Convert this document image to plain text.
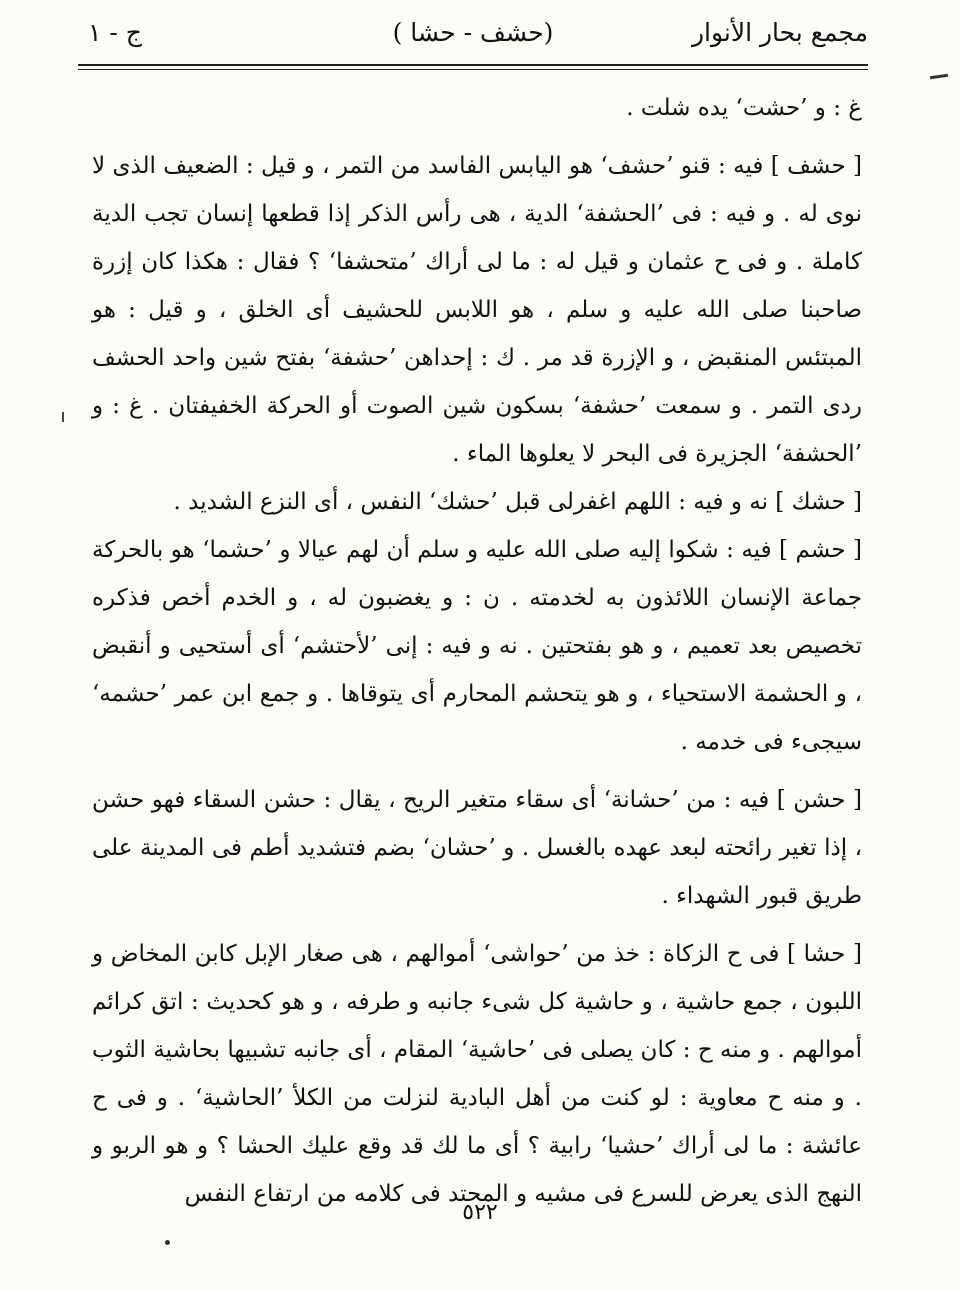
مجمع بحار الأنوار
(حشف - حشا )
ج - ١

غ : و ’حشت‘ يده شلت .

[ حشف ] فيه : قنو ’حشف‘ هو اليابس الفاسد من التمر ، و قيل : الضعيف الذى لا نوى له . و فيه : فى ’الحشفة‘ الدية ، هى رأس الذكر إذا قطعها إنسان تجب الدية كاملة . و فى ح عثمان و قيل له : ما لى أراك ’متحشفا‘ ؟ فقال : هكذا كان إزرة صاحبنا صلى الله عليه و سلم ، هو اللابس للحشيف أى الخلق ، و قيل : هو المبتئس المنقبض ، و الإزرة قد مر . ك : إحداهن ’حشفة‘ بفتح شين واحد الحشف ردى التمر . و سمعت ’حشفة‘ بسكون شين الصوت أو الحركة الخفيفتان . غ : و ’الحشفة‘ الجزيرة فى البحر لا يعلوها الماء .

[ حشك ] نه و فيه : اللهم اغفرلى قبل ’حشك‘ النفس ، أى النزع الشديد .

[ حشم ] فيه : شكوا إليه صلى الله عليه و سلم أن لهم عيالا و ’حشما‘ هو بالحركة جماعة الإنسان اللائذون به لخدمته . ن : و يغضبون له ، و الخدم أخص فذكره تخصيص بعد تعميم ، و هو بفتحتين . نه و فيه : إنى ’لأحتشم‘ أى أستحيى و أنقبض ، و الحشمة الاستحياء ، و هو يتحشم المحارم أى يتوقاها . و جمع ابن عمر ’حشمه‘ سيجىء فى خدمه .

[ حشن ] فيه : من ’حشانة‘ أى سقاء متغير الريح ، يقال : حشن السقاء فهو حشن ، إذا تغير رائحته لبعد عهده بالغسل . و ’حشان‘ بضم فتشديد أطم فى المدينة على طريق قبور الشهداء .

[ حشا ] فى ح الزكاة : خذ من ’حواشى‘ أموالهم ، هى صغار الإبل كابن المخاض و اللبون ، جمع حاشية ، و حاشية كل شىء جانبه و طرفه ، و هو كحديث : اتق كرائم أموالهم . و منه ح : كان يصلى فى ’حاشية‘ المقام ، أى جانبه تشبيها بحاشية الثوب . و منه ح معاوية : لو كنت من أهل البادية لنزلت من الكلأ ’الحاشية‘ . و فى ح عائشة : ما لى أراك ’حشيا‘ رابية ؟ أى ما لك قد وقع عليك الحشا ؟ و هو الربو و النهج الذى يعرض للسرع فى مشيه و المحتد فى كلامه من ارتفاع النفس

٥٢٢
